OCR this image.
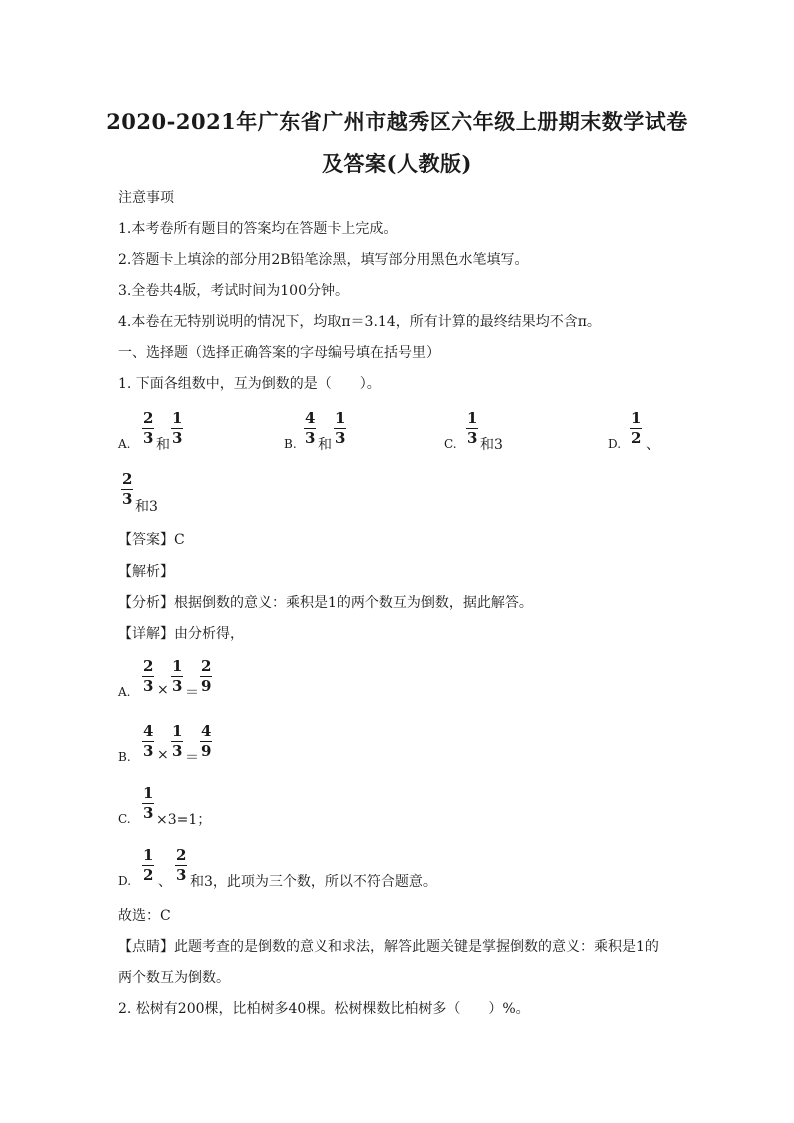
2020-2021年广东省广州市越秀区六年级上册期末数学试卷
及答案(人教版)
注意事项
1.本考卷所有题目的答案均在答题卡上完成。
2.答题卡上填涂的部分用2B铅笔涂黑，填写部分用黑色水笔填写。
3.全卷共4版，考试时间为100分钟。
4.本卷在无特别说明的情况下，均取π＝3.14，所有计算的最终结果均不含π。
一、选择题（选择正确答案的字母编号填在括号里）
1. 下面各组数中，互为倒数的是（　　）。
A. $\frac{2}{3}$ 和 $\frac{1}{3}$	B. $\frac{4}{3}$ 和 $\frac{1}{3}$	C. $\frac{1}{3}$ 和3	D. $\frac{1}{2}$ 、
$\frac{2}{3}$ 和3
【答案】C
【解析】
【分析】根据倒数的意义：乘积是1的两个数互为倒数，据此解答。
【详解】由分析得，
A. $\frac{2}{3} \times \frac{1}{3} = \frac{2}{9}$
B. $\frac{4}{3} \times \frac{1}{3} = \frac{4}{9}$
C. $\frac{1}{3} \times 3=1$；
D. $\frac{1}{2}$ 、 $\frac{2}{3}$ 和3，此项为三个数，所以不符合题意。
故选：C
【点睛】此题考查的是倒数的意义和求法，解答此题关键是掌握倒数的意义：乘积是1的
两个数互为倒数。
2. 松树有200棵，比柏树多40棵。松树棵数比柏树多（　　）%。
